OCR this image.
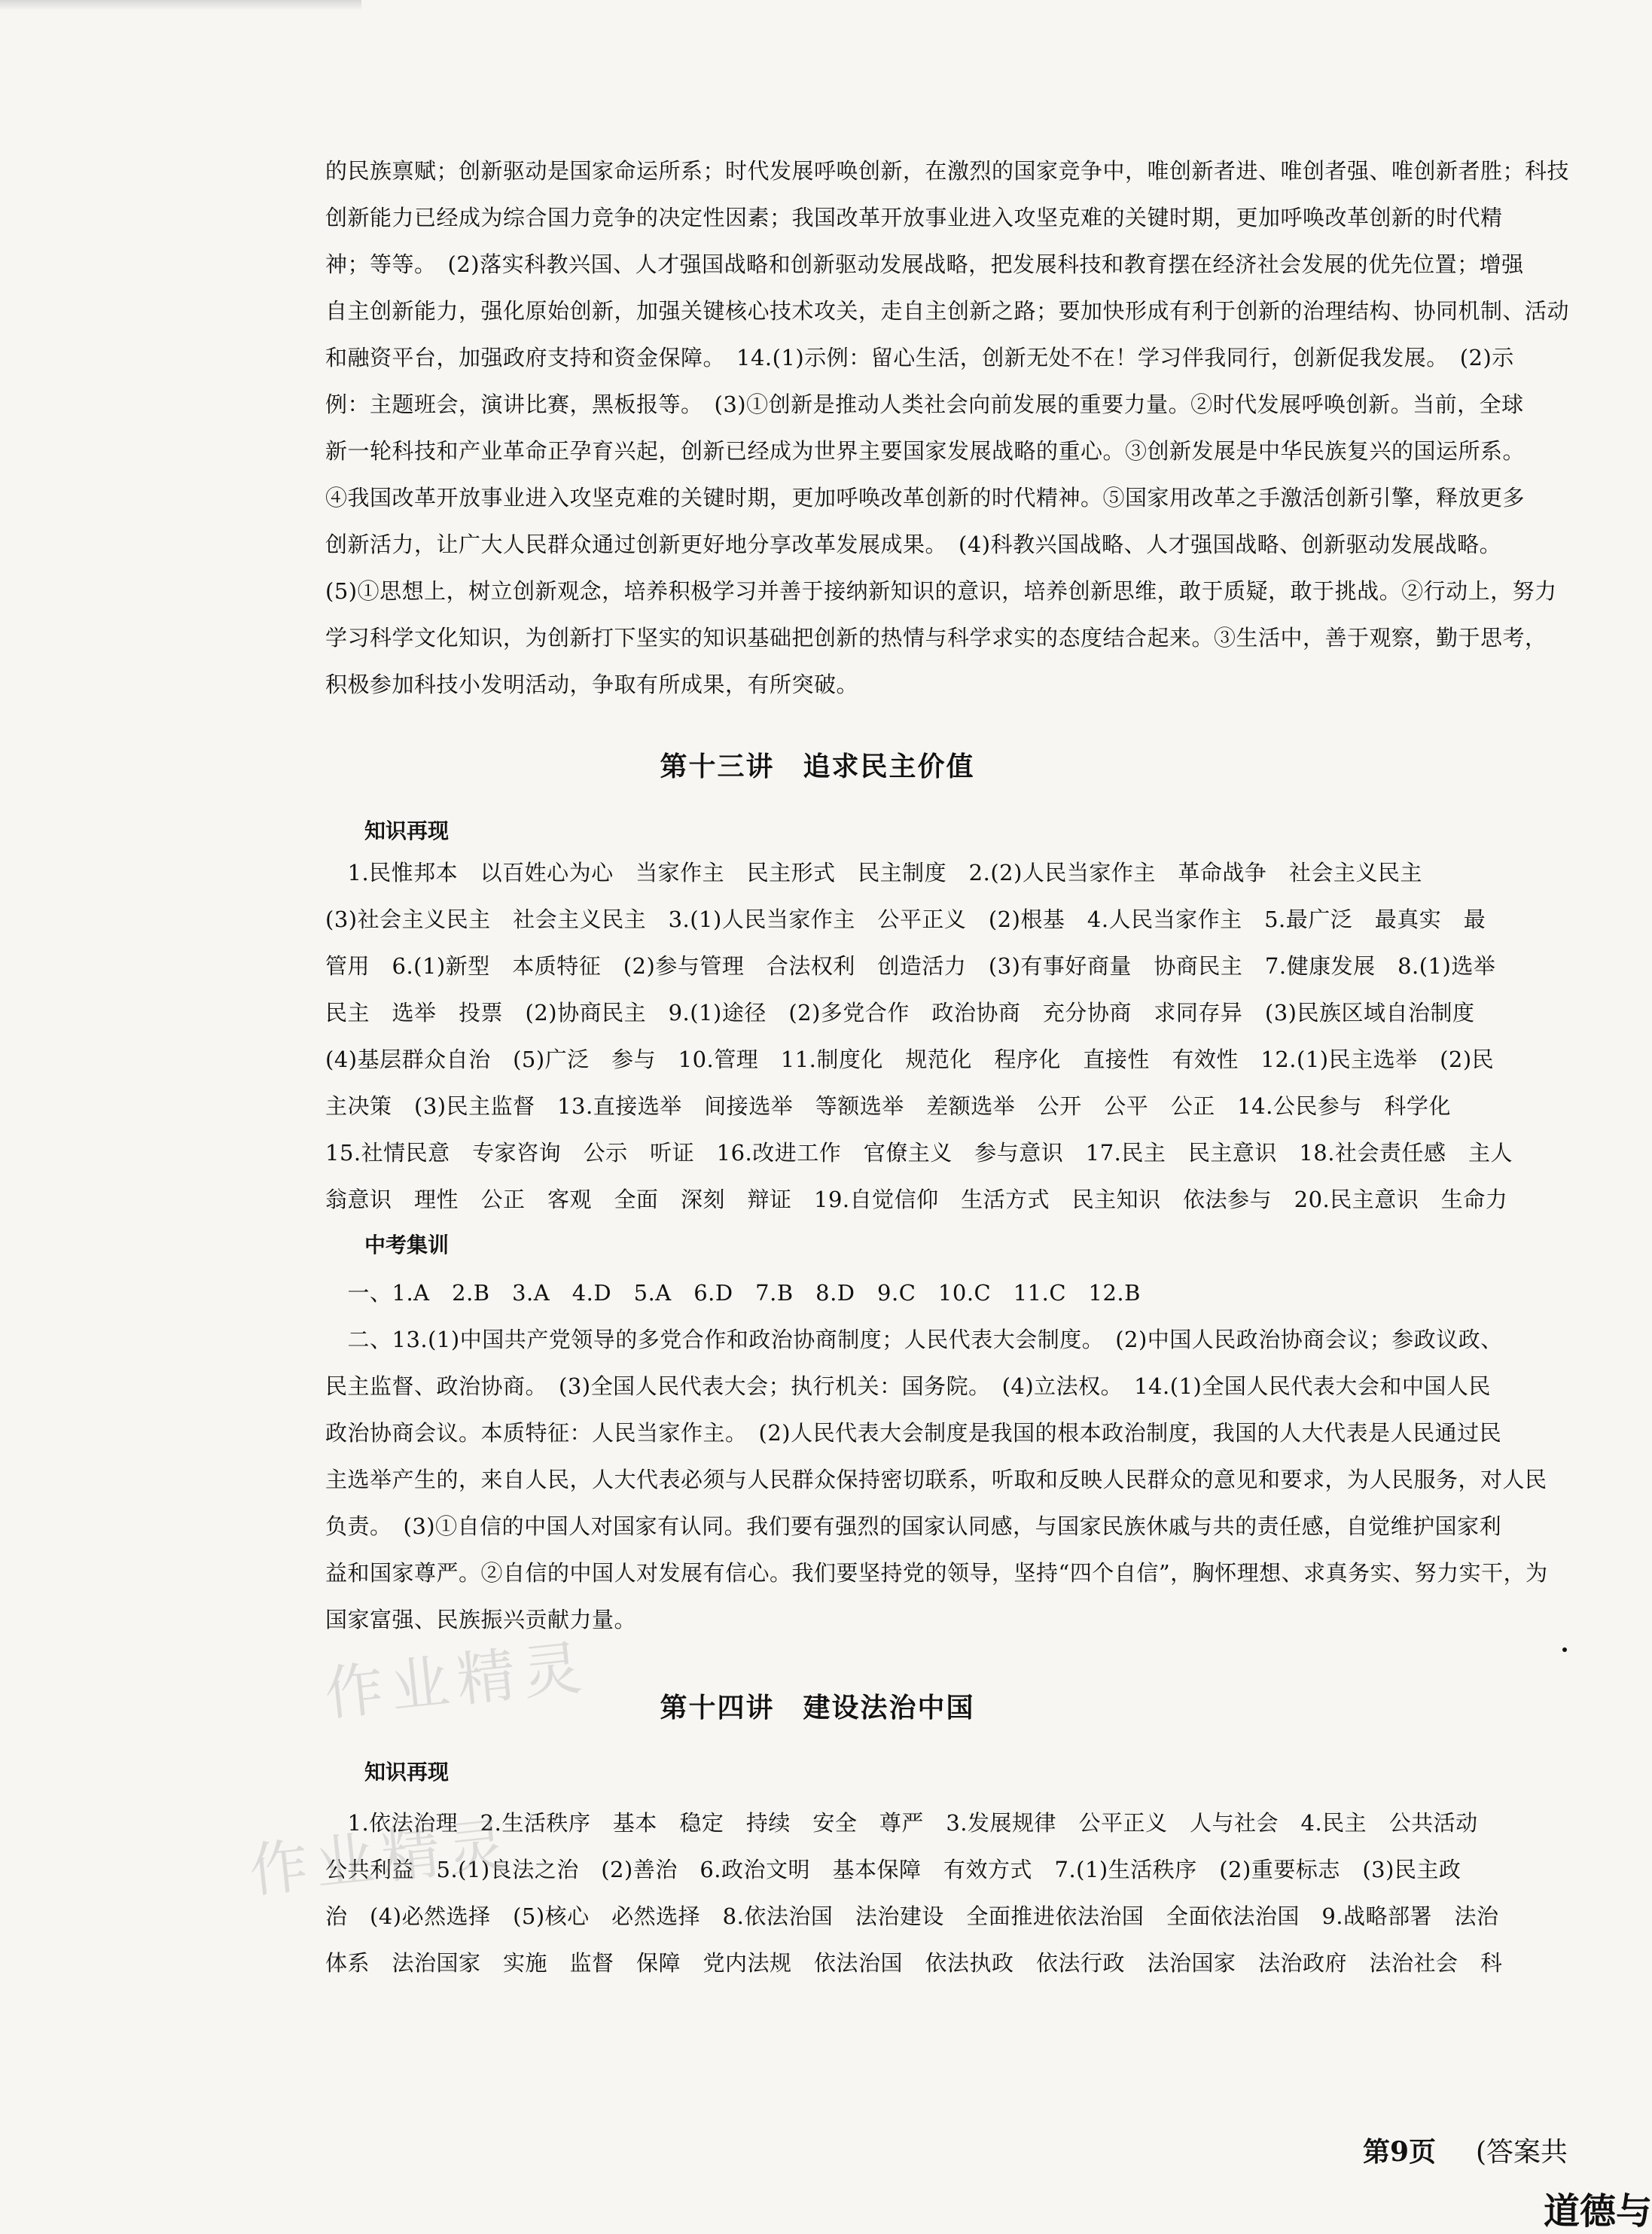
的民族禀赋；创新驱动是国家命运所系；时代发展呼唤创新，在激烈的国家竞争中，唯创新者进、唯创者强、唯创新者胜；科技

创新能力已经成为综合国力竞争的决定性因素；我国改革开放事业进入攻坚克难的关键时期，更加呼唤改革创新的时代精

神；等等。　(2)落实科教兴国、人才强国战略和创新驱动发展战略，把发展科技和教育摆在经济社会发展的优先位置；增强

自主创新能力，强化原始创新，加强关键核心技术攻关，走自主创新之路；要加快形成有利于创新的治理结构、协同机制、活动

和融资平台，加强政府支持和资金保障。　14.(1)示例：留心生活，创新无处不在！学习伴我同行，创新促我发展。　(2)示

例：主题班会，演讲比赛，黑板报等。　(3)①创新是推动人类社会向前发展的重要力量。②时代发展呼唤创新。当前，全球

新一轮科技和产业革命正孕育兴起，创新已经成为世界主要国家发展战略的重心。③创新发展是中华民族复兴的国运所系。

④我国改革开放事业进入攻坚克难的关键时期，更加呼唤改革创新的时代精神。⑤国家用改革之手激活创新引擎，释放更多

创新活力，让广大人民群众通过创新更好地分享改革发展成果。　(4)科教兴国战略、人才强国战略、创新驱动发展战略。

(5)①思想上，树立创新观念，培养积极学习并善于接纳新知识的意识，培养创新思维，敢于质疑，敢于挑战。②行动上，努力

学习科学文化知识，为创新打下坚实的知识基础把创新的热情与科学求实的态度结合起来。③生活中，善于观察，勤于思考，

积极参加科技小发明活动，争取有所成果，有所突破。

第十三讲　追求民主价值
知识再现

　1.民惟邦本　以百姓心为心　当家作主　民主形式　民主制度　2.(2)人民当家作主　革命战争　社会主义民主

(3)社会主义民主　社会主义民主　3.(1)人民当家作主　公平正义　(2)根基　4.人民当家作主　5.最广泛　最真实　最

管用　6.(1)新型　本质特征　(2)参与管理　合法权利　创造活力　(3)有事好商量　协商民主　7.健康发展　8.(1)选举

民主　选举　投票　(2)协商民主　9.(1)途径　(2)多党合作　政治协商　充分协商　求同存异　(3)民族区域自治制度

(4)基层群众自治　(5)广泛　参与　10.管理　11.制度化　规范化　程序化　直接性　有效性　12.(1)民主选举　(2)民

主决策　(3)民主监督　13.直接选举　间接选举　等额选举　差额选举　公开　公平　公正　14.公民参与　科学化

15.社情民意　专家咨询　公示　听证　16.改进工作　官僚主义　参与意识　17.民主　民主意识　18.社会责任感　主人

翁意识　理性　公正　客观　全面　深刻　辩证　19.自觉信仰　生活方式　民主知识　依法参与　20.民主意识　生命力

中考集训

　一、1.A　2.B　3.A　4.D　5.A　6.D　7.B　8.D　9.C　10.C　11.C　12.B

　二、13.(1)中国共产党领导的多党合作和政治协商制度；人民代表大会制度。　(2)中国人民政治协商会议；参政议政、

民主监督、政治协商。　(3)全国人民代表大会；执行机关：国务院。　(4)立法权。　14.(1)全国人民代表大会和中国人民

政治协商会议。本质特征：人民当家作主。　(2)人民代表大会制度是我国的根本政治制度，我国的人大代表是人民通过民

主选举产生的，来自人民，人大代表必须与人民群众保持密切联系，听取和反映人民群众的意见和要求，为人民服务，对人民

负责。　(3)①自信的中国人对国家有认同。我们要有强烈的国家认同感，与国家民族休戚与共的责任感，自觉维护国家利

益和国家尊严。②自信的中国人对发展有信心。我们要坚持党的领导，坚持“四个自信”，胸怀理想、求真务实、努力实干，为

国家富强、民族振兴贡献力量。

第十四讲　建设法治中国
知识再现

　1.依法治理　2.生活秩序　基本　稳定　持续　安全　尊严　3.发展规律　公平正义　人与社会　4.民主　公共活动

公共利益　5.(1)良法之治　(2)善治　6.政治文明　基本保障　有效方式　7.(1)生活秩序　(2)重要标志　(3)民主政

治　(4)必然选择　(5)核心　必然选择　8.依法治国　法治建设　全面推进依法治国　全面依法治国　9.战略部署　法治

体系　法治国家　实施　监督　保障　党内法规　依法治国　依法执政　依法行政　法治国家　法治政府　法治社会　科

作业精灵
作业精灵
第9页 (答案共
道德与
